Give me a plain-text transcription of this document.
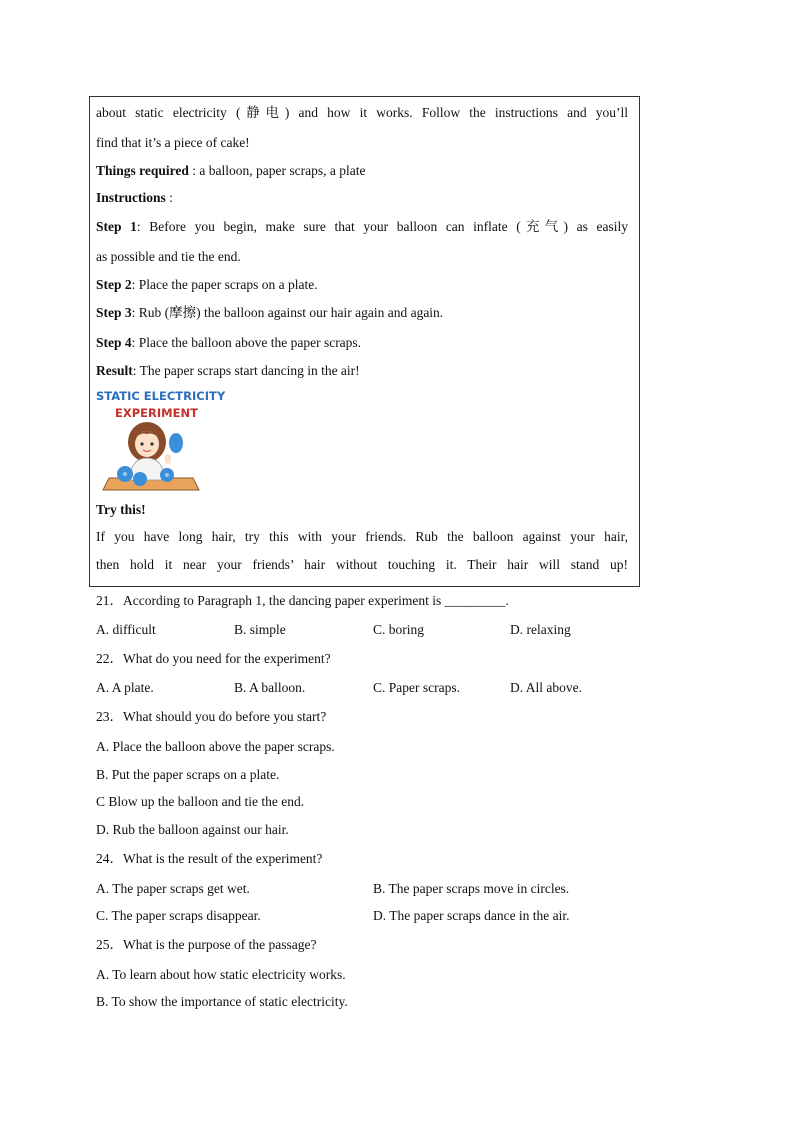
about static electricity (静电) and how it works. Follow the instructions and you’ll
find that it’s a piece of cake!
Things required : a balloon, paper scraps, a plate
Instructions :
Step 1: Before you begin, make sure that your balloon can inflate (充气) as easily
as possible and tie the end.
Step 2: Place the paper scraps on a plate.
Step 3: Rub (摩擦) the balloon against our hair again and again.
Step 4: Place the balloon above the paper scraps.
Result: The paper scraps start dancing in the air!
STATIC ELECTRICITY
EXPERIMENT
Try this!
If you have long hair, try this with your friends. Rub the balloon against your hair,
then hold it near your friends’ hair without touching it. Their hair will stand up!
21．According to Paragraph 1, the dancing paper experiment is _________.
A. difficult	B. simple	C. boring	D. relaxing
22．What do you need for the experiment?
A. A plate.	B. A balloon.	C. Paper scraps.	D. All above.
23．What should you do before you start?
A. Place the balloon above the paper scraps.
B. Put the paper scraps on a plate.
C Blow up the balloon and tie the end.
D. Rub the balloon against our hair.
24．What is the result of the experiment?
A. The paper scraps get wet.	B. The paper scraps move in circles.
C. The paper scraps disappear.	D. The paper scraps dance in the air.
25．What is the purpose of the passage?
A. To learn about how static electricity works.
B. To show the importance of static electricity.
